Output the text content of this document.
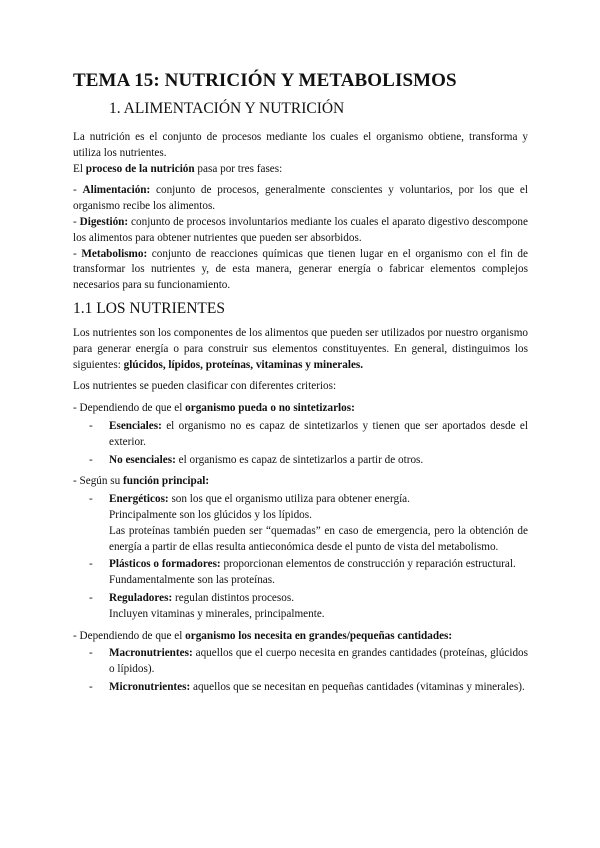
TEMA 15: NUTRICIÓN Y METABOLISMOS
1. ALIMENTACIÓN Y NUTRICIÓN

La nutrición es el conjunto de procesos mediante los cuales el organismo obtiene, transforma y utiliza los nutrientes.

El proceso de la nutrición pasa por tres fases:

- Alimentación: conjunto de procesos, generalmente conscientes y voluntarios, por los que el organismo recibe los alimentos.

- Digestión: conjunto de procesos involuntarios mediante los cuales el aparato digestivo descompone los alimentos para obtener nutrientes que pueden ser absorbidos.

- Metabolismo: conjunto de reacciones químicas que tienen lugar en el organismo con el fin de transformar los nutrientes y, de esta manera, generar energía o fabricar elementos complejos necesarios para su funcionamiento.

1.1 LOS NUTRIENTES

Los nutrientes son los componentes de los alimentos que pueden ser utilizados por nuestro organismo para generar energía o para construir sus elementos constituyentes. En general, distinguimos los siguientes: glúcidos, lípidos, proteínas, vitaminas y minerales.

Los nutrientes se pueden clasificar con diferentes criterios:

- Dependiendo de que el organismo pueda o no sintetizarlos:

- Esenciales: el organismo no es capaz de sintetizarlos y tienen que ser aportados desde el exterior.
- No esenciales: el organismo es capaz de sintetizarlos a partir de otros.

- Según su función principal:

- Energéticos: son los que el organismo utiliza para obtener energía.
Principalmente son los glúcidos y los lípidos.
Las proteínas también pueden ser “quemadas” en caso de emergencia, pero la obtención de energía a partir de ellas resulta antieconómica desde el punto de vista del metabolismo.
- Plásticos o formadores: proporcionan elementos de construcción y reparación estructural.
Fundamentalmente son las proteínas.
- Reguladores: regulan distintos procesos.
Incluyen vitaminas y minerales, principalmente.

- Dependiendo de que el organismo los necesita en grandes/pequeñas cantidades:

- Macronutrientes: aquellos que el cuerpo necesita en grandes cantidades (proteínas, glúcidos o lípidos).
- Micronutrientes: aquellos que se necesitan en pequeñas cantidades (vitaminas y minerales).
